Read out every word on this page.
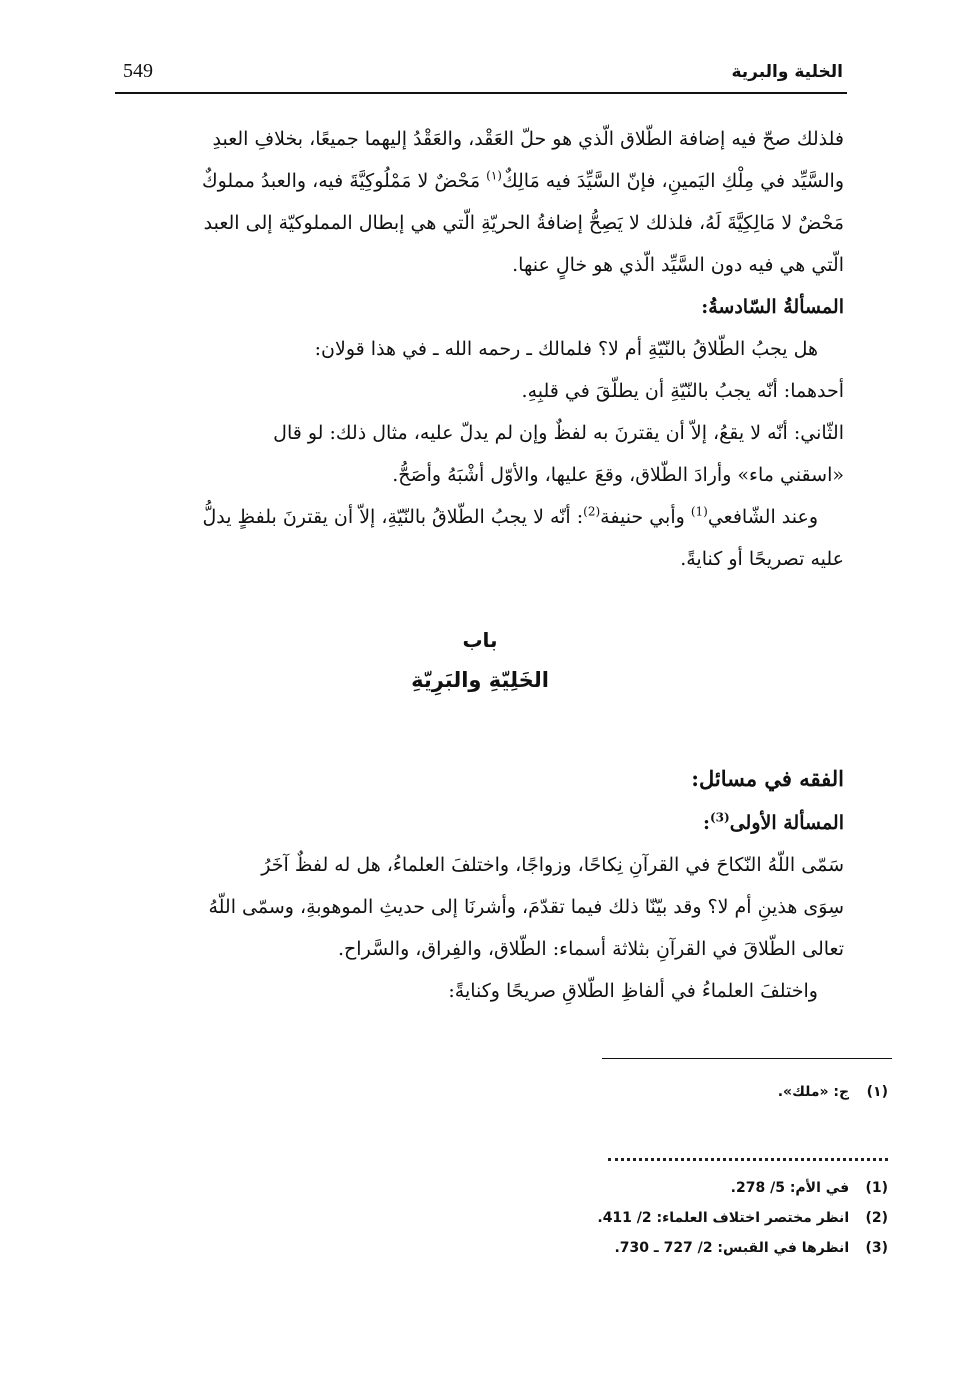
549	الخلية والبرية

فلذلك صحّ فيه إضافة الطّلاق الّذي هو حلّ العَقْد، والعَقْدُ إليهما جميعًا، بخلافِ العبدِ

والسَّيِّد في مِلْكِ اليَمينِ، فإنّ السَّيِّدَ فيه مَالِكٌ$^{(١)}$ مَحْضٌ لا مَمْلُوكِيَّةَ فيه، والعبدُ مملوكٌ

مَحْضٌ لا مَالِكِيَّةَ لَهُ، فلذلك لا يَصِحُّ إضافةُ الحريّةِ الّتي هي إبطال المملوكيّة إلى العبد

الّتي هي فيه دون السَّيِّد الّذي هو خالٍ عنها.

المسألةُ السّادسةُ:

هل يجبُ الطّلاقُ بالنّيّةِ أم لا؟ فلمالك ـ رحمه الله ـ في هذا قولان:

أحدهما: أنّه يجبُ بالنّيّةِ أن يطلّقَ في قلبِهِ.

الثّاني: أنّه لا يقعُ، إلاّ أن يقترنَ به لفظٌ وإن لم يدلّ عليه، مثال ذلك: لو قال

«اسقني ماء» وأرادَ الطّلاق، وقعَ عليها، والأوّل أشْبَهُ وأصَحُّ.

وعند الشّافعي$^{(1)}$ وأبي حنيفة$^{(2)}$: أنّه لا يجبُ الطّلاقُ بالنّيّةِ، إلاّ أن يقترنَ بلفظٍ يدلُّ

عليه تصريحًا أو كنايةً.

باب
الخَلِيّةِ والبَرِيّةِ

الفقه في مسائل:

المسألة الأولى$^{(3)}$:

سَمّى اللّهُ النّكاحَ في القرآنِ نِكاحًا، وزواجًا، واختلفَ العلماءُ، هل له لفظٌ آخَرُ

سِوَى هذينِ أم لا؟ وقد بيّنّا ذلك فيما تقدّمَ، وأشرنَا إلى حديثِ الموهوبةِ، وسمّى اللّهُ

تعالى الطّلاقَ في القرآنِ بثلاثة أسماء: الطّلاق، والفِراق، والسَّراح.

واختلفَ العلماءُ في ألفاظِ الطّلاقِ صريحًا وكنايةً:

(١) ج: «ملك».
(1) في الأم: 5/ 278.
(2) انظر مختصر اختلاف العلماء: 2/ 411.
(3) انظرها في القبس: 2/ 727 ـ 730.
